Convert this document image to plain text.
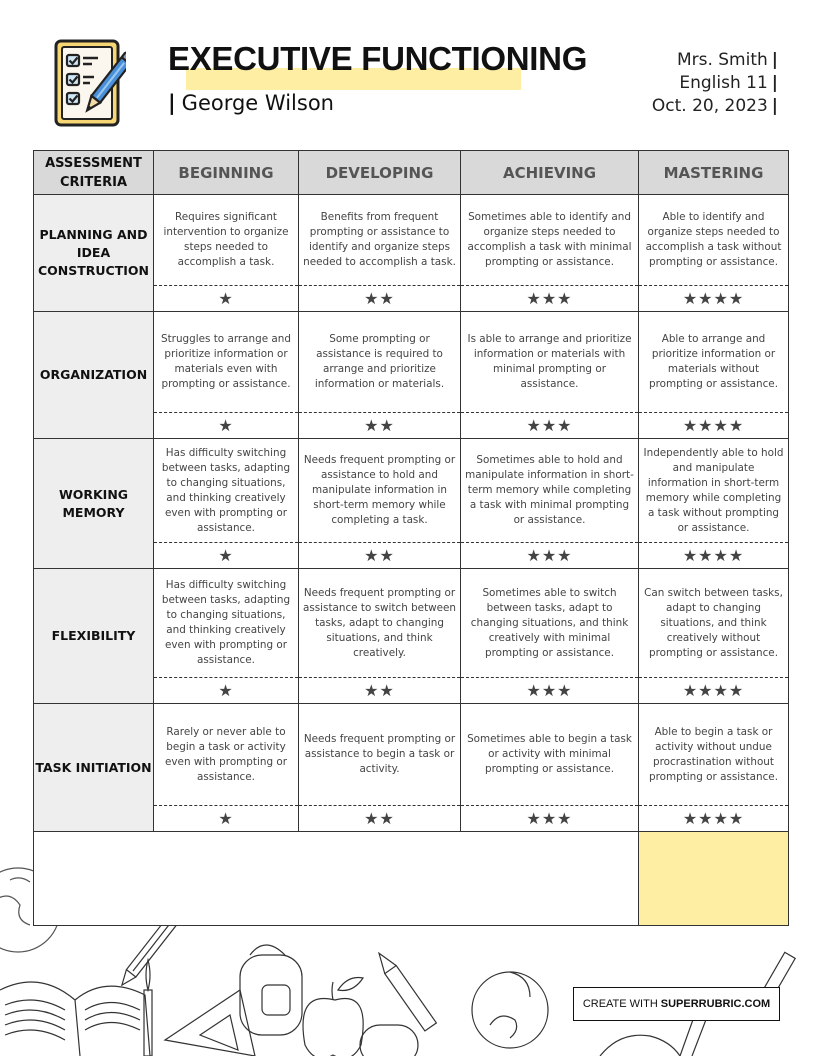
EXECUTIVE FUNCTIONING
| George Wilson
Mrs. Smith |
English 11 |
Oct. 20, 2023 |
ASSESSMENT CRITERIA	BEGINNING	DEVELOPING	ACHIEVING	MASTERING
PLANNING AND IDEA CONSTRUCTION	Requires significant intervention to organize steps needed to accomplish a task.	Benefits from frequent prompting or assistance to identify and organize steps needed to accomplish a task.	Sometimes able to identify and organize steps needed to accomplish a task with minimal prompting or assistance.	Able to identify and organize steps needed to accomplish a task without prompting or assistance.
	★	★★	★★★	★★★★
ORGANIZATION	Struggles to arrange and prioritize information or materials even with prompting or assistance.	Some prompting or assistance is required to arrange and prioritize information or materials.	Is able to arrange and prioritize information or materials with minimal prompting or assistance.	Able to arrange and prioritize information or materials without prompting or assistance.
	★	★★	★★★	★★★★
WORKING MEMORY	Has difficulty switching between tasks, adapting to changing situations, and thinking creatively even with prompting or assistance.	Needs frequent prompting or assistance to hold and manipulate information in short-term memory while completing a task.	Sometimes able to hold and manipulate information in short-term memory while completing a task with minimal prompting or assistance.	Independently able to hold and manipulate information in short-term memory while completing a task without prompting or assistance.
	★	★★	★★★	★★★★
FLEXIBILITY	Has difficulty switching between tasks, adapting to changing situations, and thinking creatively even with prompting or assistance.	Needs frequent prompting or assistance to switch between tasks, adapt to changing situations, and think creatively.	Sometimes able to switch between tasks, adapt to changing situations, and think creatively with minimal prompting or assistance.	Can switch between tasks, adapt to changing situations, and think creatively without prompting or assistance.
	★	★★	★★★	★★★★
TASK INITIATION	Rarely or never able to begin a task or activity even with prompting or assistance.	Needs frequent prompting or assistance to begin a task or activity.	Sometimes able to begin a task or activity with minimal prompting or assistance.	Able to begin a task or activity without undue procrastination without prompting or assistance.
	★	★★	★★★	★★★★

CREATE WITH SUPERRUBRIC.COM
